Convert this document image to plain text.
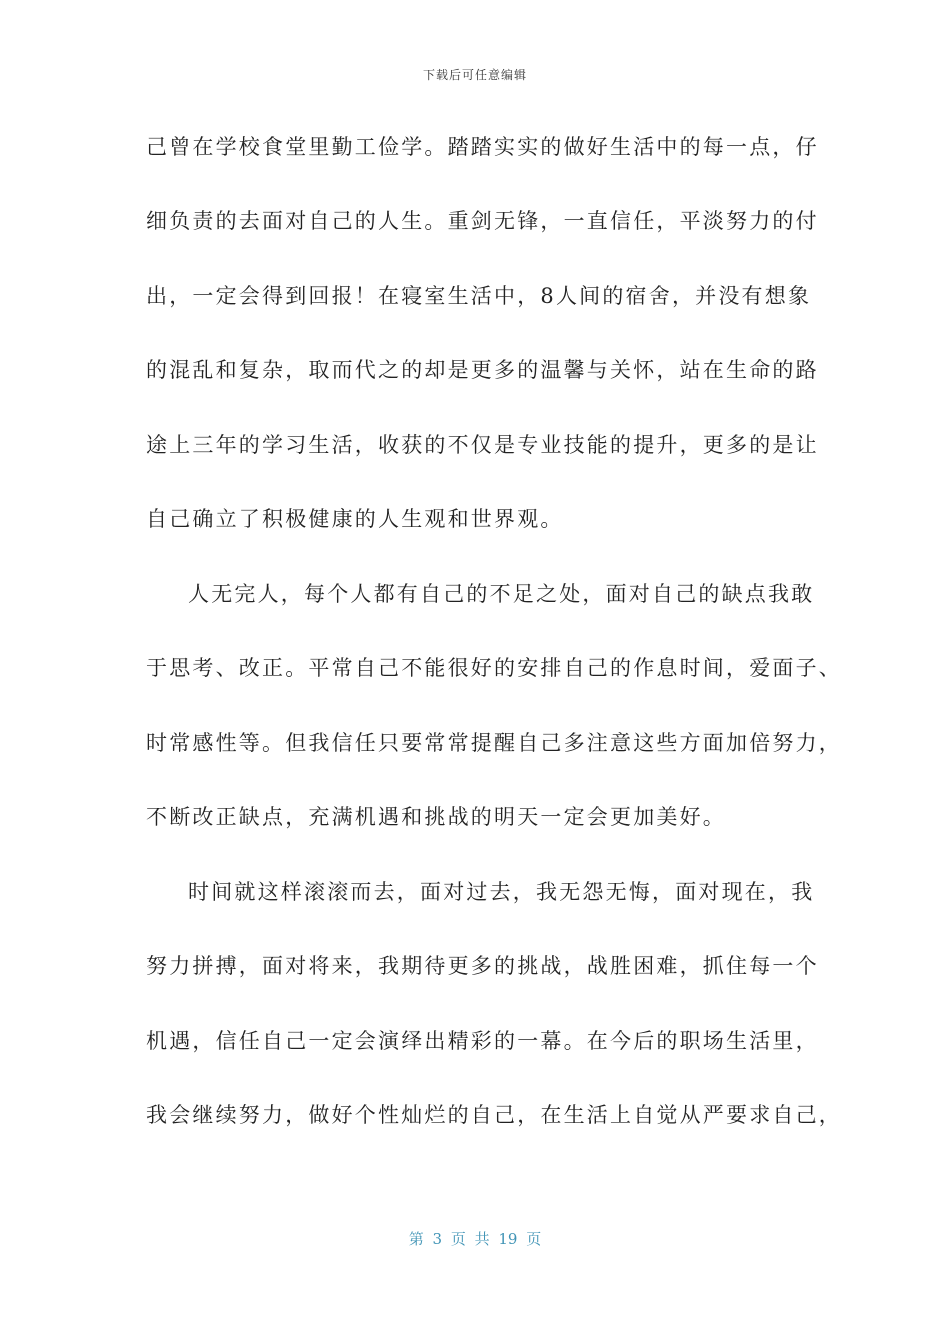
下载后可任意编辑
己曾在学校食堂里勤工俭学。踏踏实实的做好生活中的每一点，仔
细负责的去面对自己的人生。重剑无锋，一直信任，平淡努力的付
出，一定会得到回报！在寝室生活中，8人间的宿舍，并没有想象
的混乱和复杂，取而代之的却是更多的温馨与关怀，站在生命的路
途上三年的学习生活，收获的不仅是专业技能的提升，更多的是让
自己确立了积极健康的人生观和世界观。
人无完人，每个人都有自己的不足之处，面对自己的缺点我敢
于思考、改正。平常自己不能很好的安排自己的作息时间，爱面子、
时常感性等。但我信任只要常常提醒自己多注意这些方面加倍努力，
不断改正缺点，充满机遇和挑战的明天一定会更加美好。
时间就这样滚滚而去，面对过去，我无怨无悔，面对现在，我
努力拼搏，面对将来，我期待更多的挑战，战胜困难，抓住每一个
机遇，信任自己一定会演绎出精彩的一幕。在今后的职场生活里，
我会继续努力，做好个性灿烂的自己，在生活上自觉从严要求自己，
第 3 页 共 19 页
